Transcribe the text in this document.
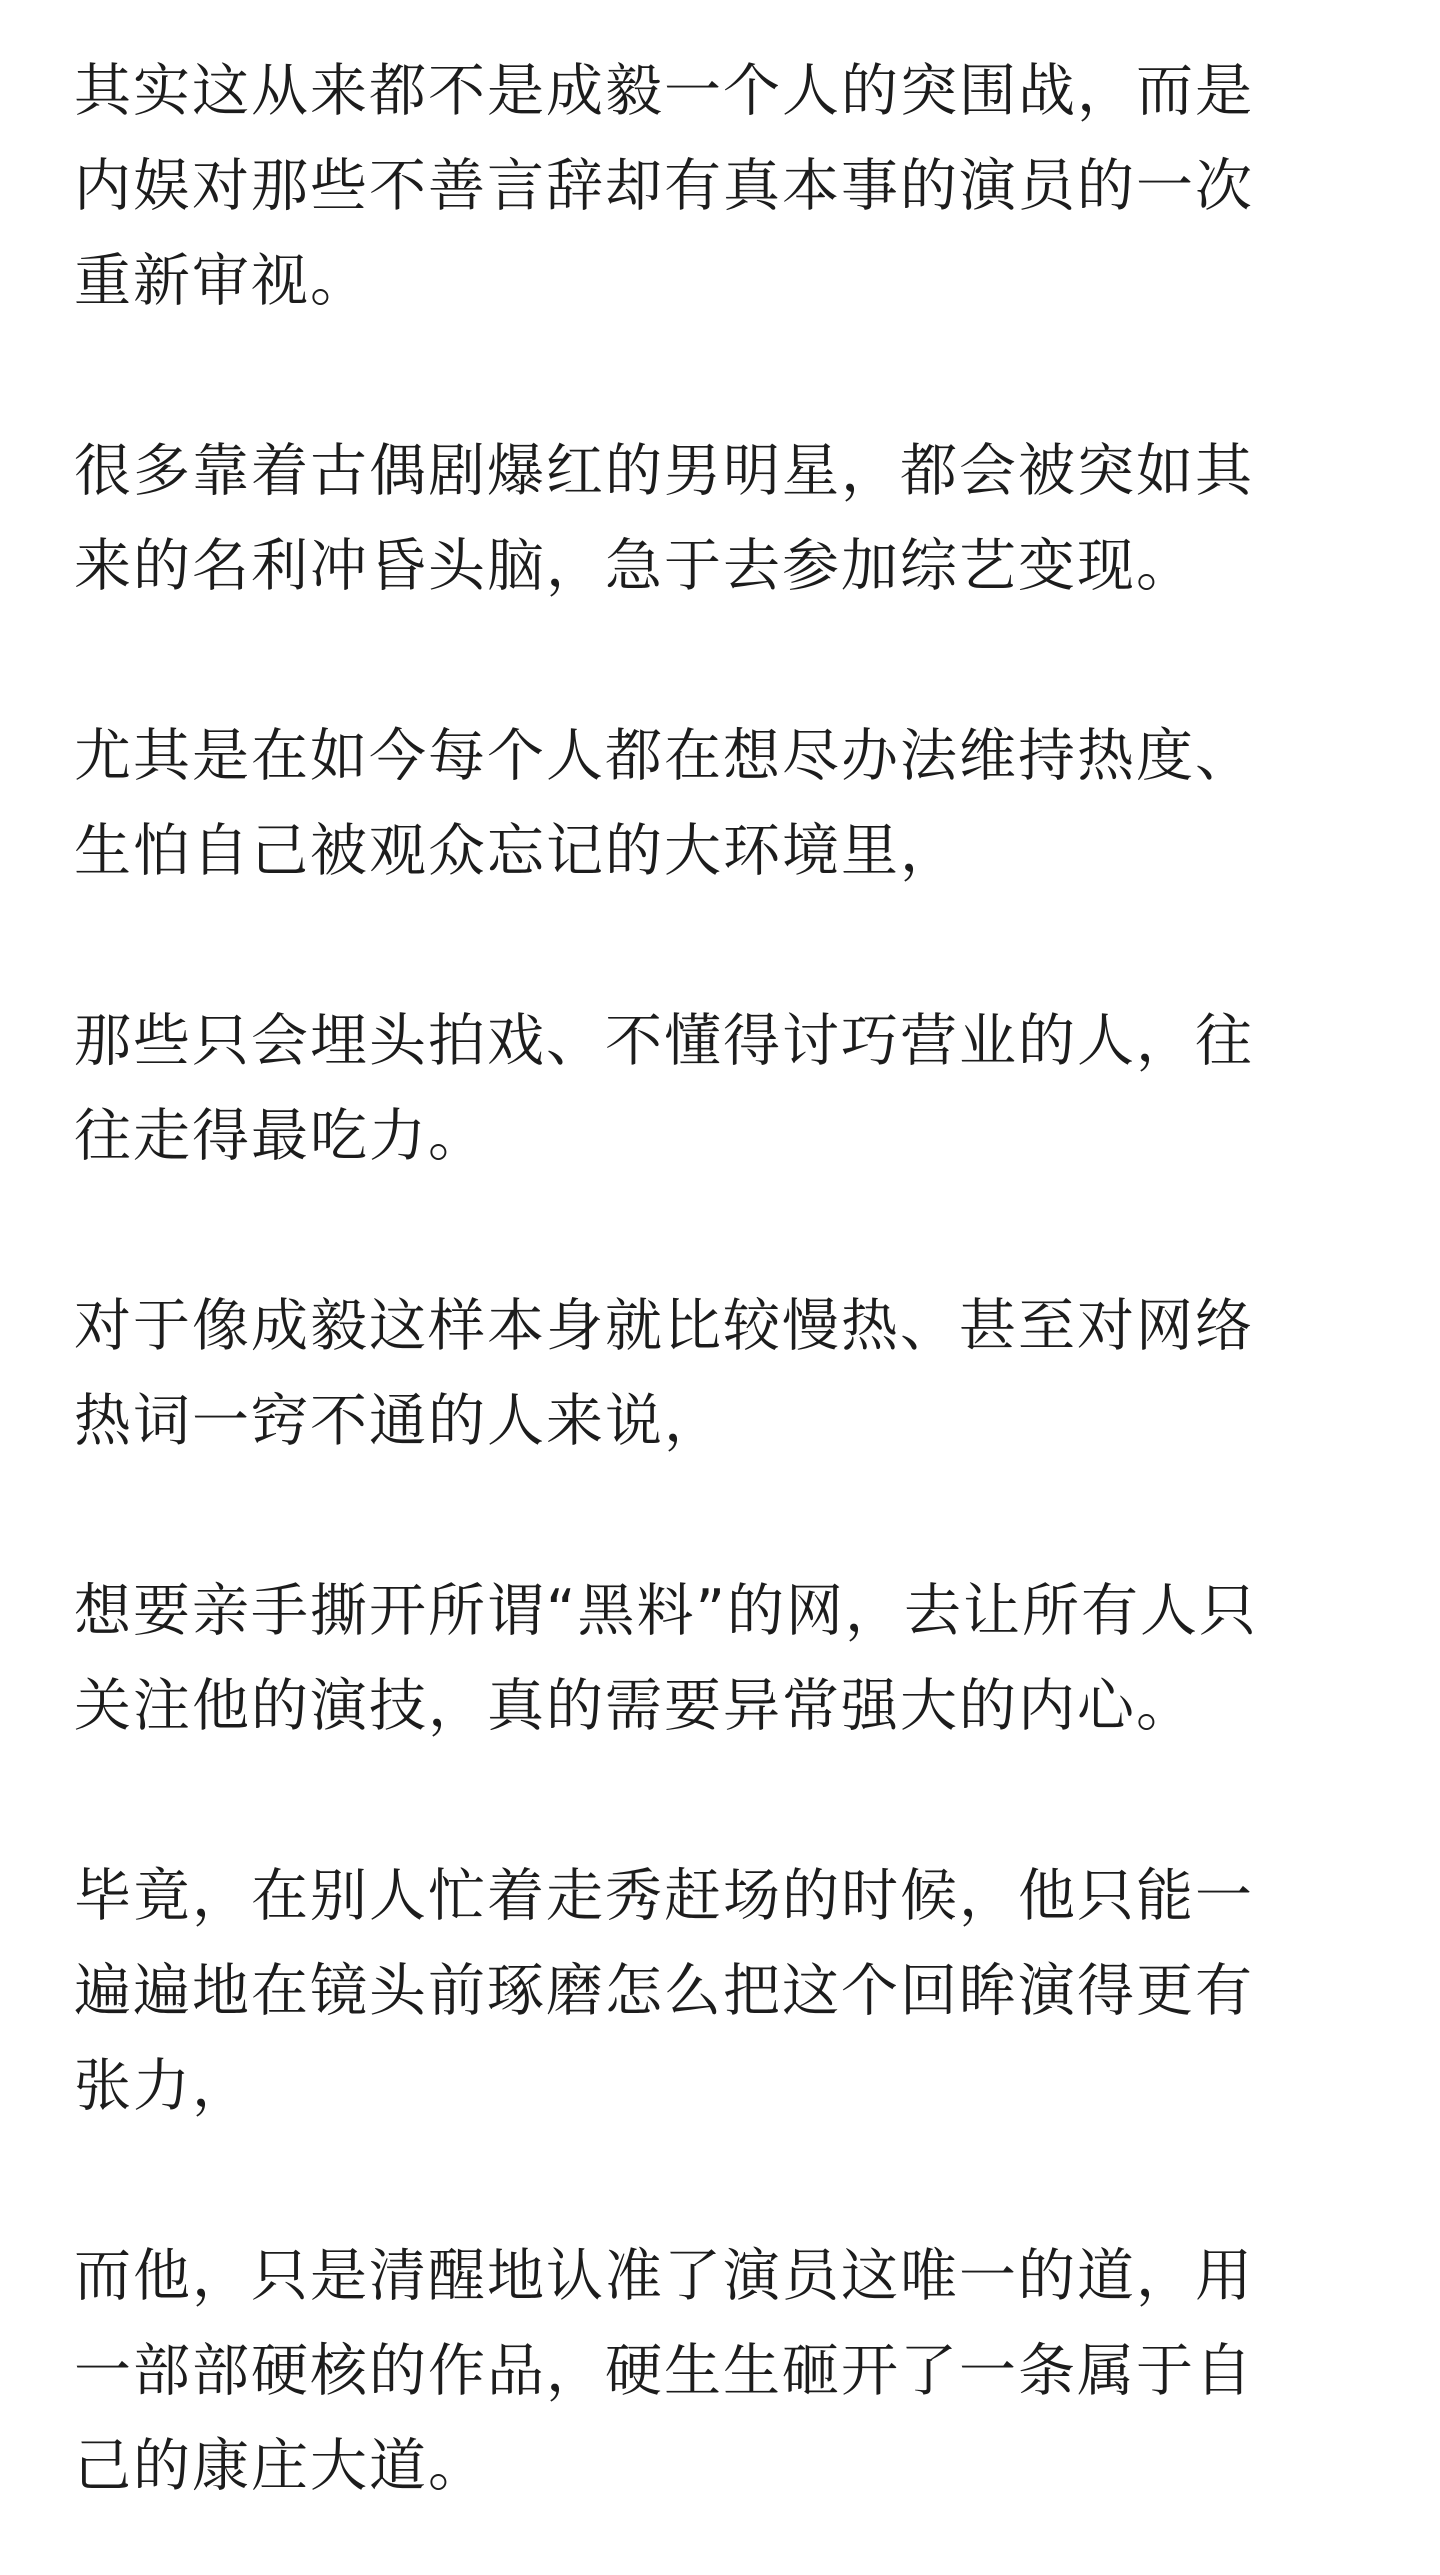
其实这从来都不是成毅一个人的突围战，而是
内娱对那些不善言辞却有真本事的演员的一次
重新审视。

很多靠着古偶剧爆红的男明星，都会被突如其
来的名利冲昏头脑，急于去参加综艺变现。

尤其是在如今每个人都在想尽办法维持热度、
生怕自己被观众忘记的大环境里，

那些只会埋头拍戏、不懂得讨巧营业的人，往
往走得最吃力。

对于像成毅这样本身就比较慢热、甚至对网络
热词一窍不通的人来说，

想要亲手撕开所谓“黑料”的网，去让所有人只
关注他的演技，真的需要异常强大的内心。

毕竟，在别人忙着走秀赶场的时候，他只能一
遍遍地在镜头前琢磨怎么把这个回眸演得更有
张力，

而他，只是清醒地认准了演员这唯一的道，用
一部部硬核的作品，硬生生砸开了一条属于自
己的康庄大道。
